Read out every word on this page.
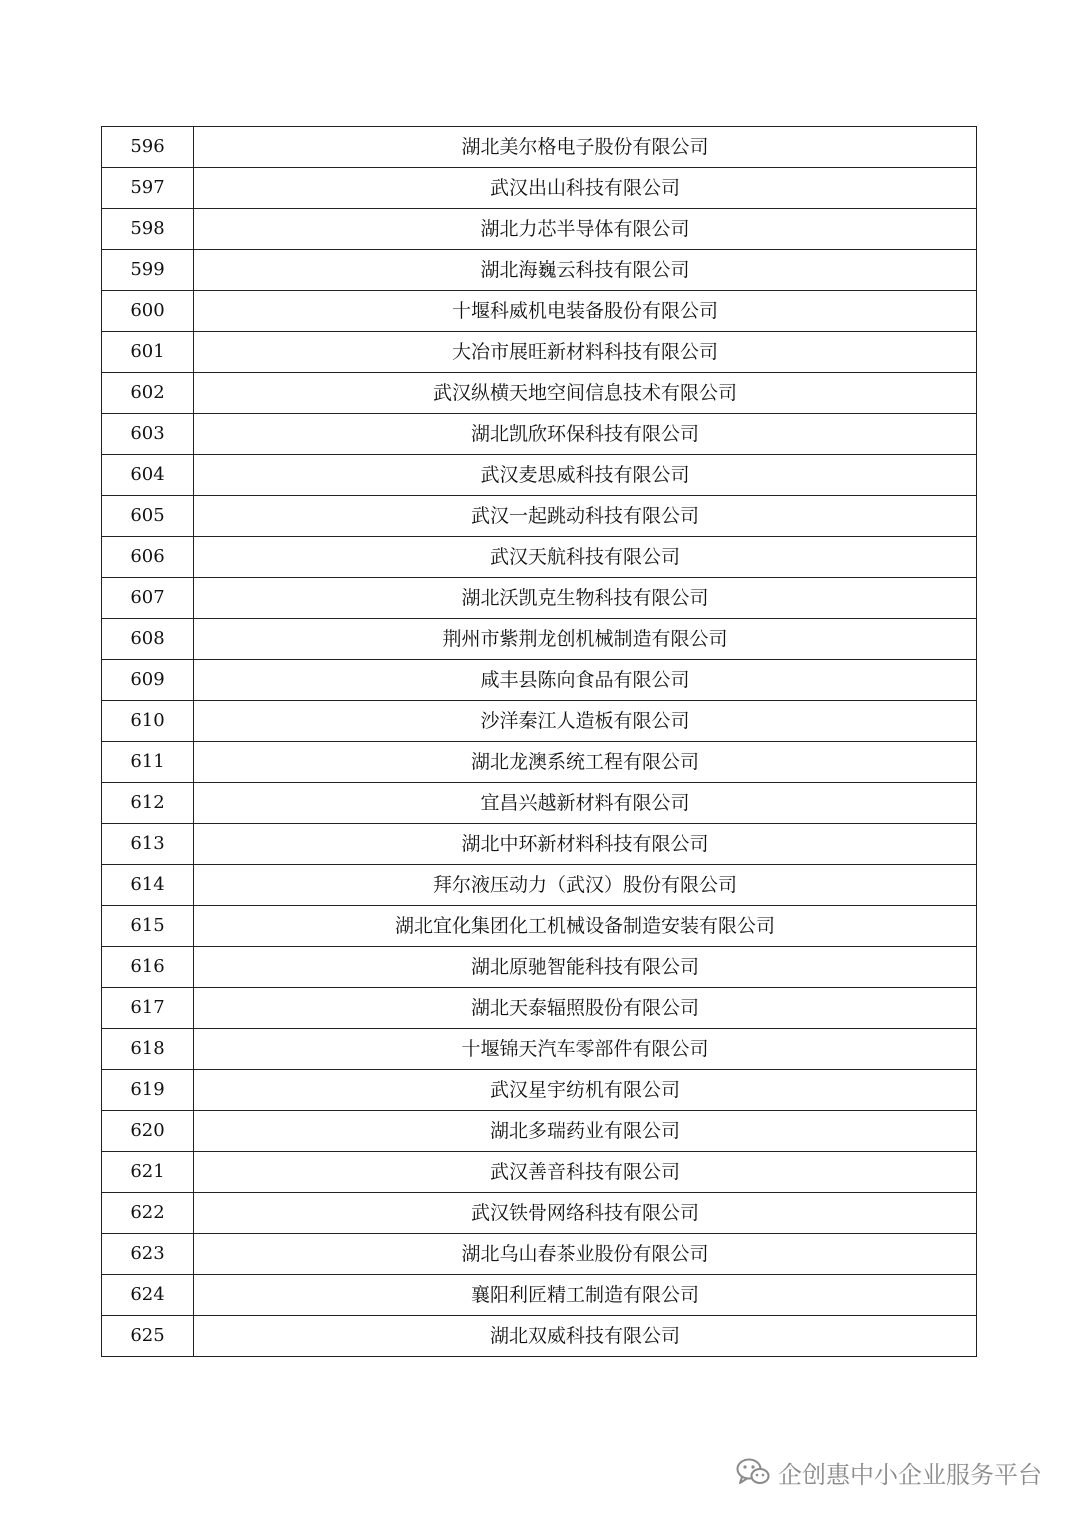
596	湖北美尔格电子股份有限公司
597	武汉出山科技有限公司
598	湖北力芯半导体有限公司
599	湖北海巍云科技有限公司
600	十堰科威机电装备股份有限公司
601	大冶市展旺新材料科技有限公司
602	武汉纵横天地空间信息技术有限公司
603	湖北凯欣环保科技有限公司
604	武汉麦思威科技有限公司
605	武汉一起跳动科技有限公司
606	武汉天航科技有限公司
607	湖北沃凯克生物科技有限公司
608	荆州市紫荆龙创机械制造有限公司
609	咸丰县陈向食品有限公司
610	沙洋秦江人造板有限公司
611	湖北龙澳系统工程有限公司
612	宜昌兴越新材料有限公司
613	湖北中环新材料科技有限公司
614	拜尔液压动力（武汉）股份有限公司
615	湖北宜化集团化工机械设备制造安装有限公司
616	湖北原驰智能科技有限公司
617	湖北天泰辐照股份有限公司
618	十堰锦天汽车零部件有限公司
619	武汉星宇纺机有限公司
620	湖北多瑞药业有限公司
621	武汉善音科技有限公司
622	武汉铁骨网络科技有限公司
623	湖北乌山春茶业股份有限公司
624	襄阳利匠精工制造有限公司
625	湖北双威科技有限公司
企创惠中小企业服务平台
